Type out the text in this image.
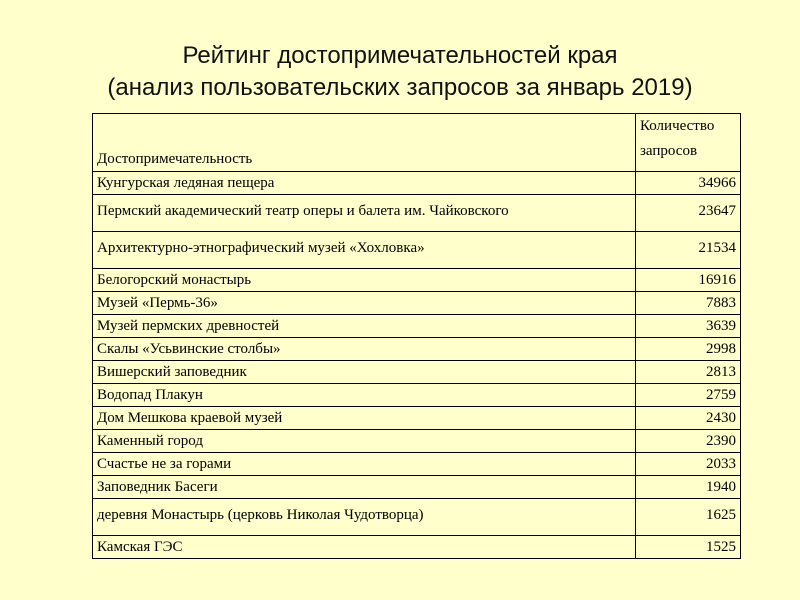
Рейтинг достопримечательностей края
(анализ пользовательских запросов за январь 2019)
Достопримечательность	Количество
запросов
Кунгурская ледяная пещера	34966
Пермский академический театр оперы и балета им. Чайковского	23647
Архитектурно-этнографический музей «Хохловка»	21534
Белогорский монастырь	16916
Музей «Пермь-36»	7883
Музей пермских древностей	3639
Скалы «Усьвинские столбы»	2998
Вишерский заповедник	2813
Водопад Плакун	2759
Дом Мешкова краевой музей	2430
Каменный город	2390
Счастье не за горами	2033
Заповедник Басеги	1940
деревня Монастырь (церковь Николая Чудотворца)	1625
Камская ГЭС	1525
